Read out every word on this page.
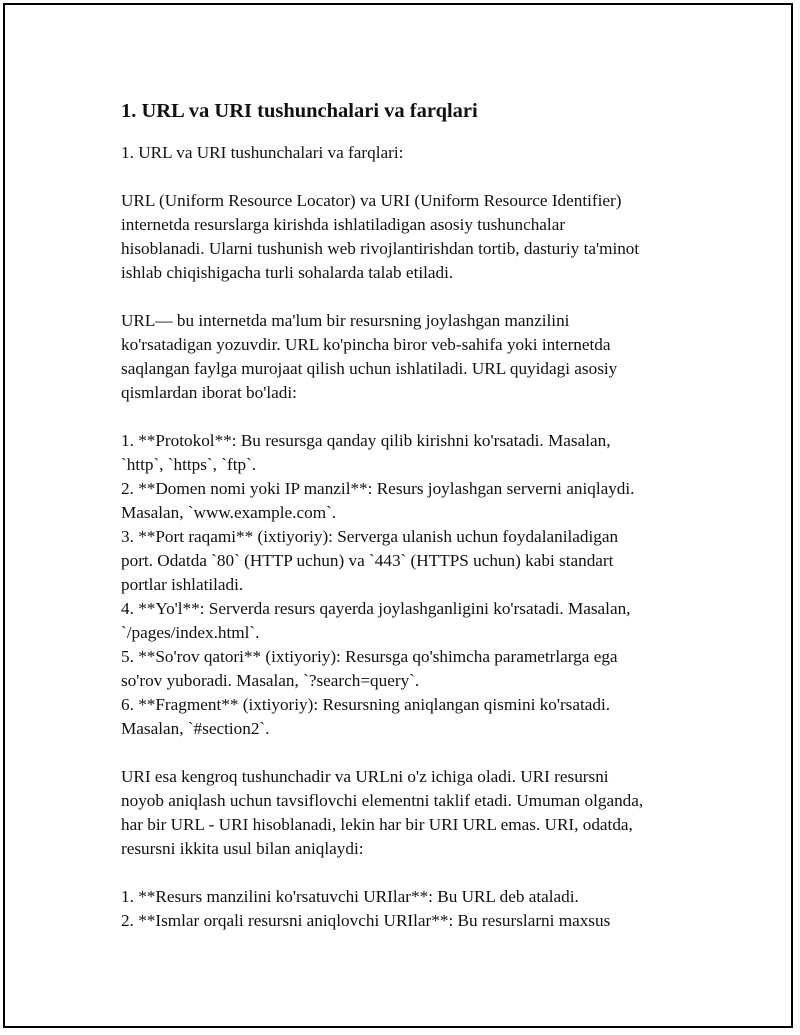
1. URL va URI tushunchalari va farqlari
1. URL va URI tushunchalari va farqlari:
URL (Uniform Resource Locator) va URI (Uniform Resource Identifier)
internetda resurslarga kirishda ishlatiladigan asosiy tushunchalar
hisoblanadi. Ularni tushunish web rivojlantirishdan tortib, dasturiy ta'minot
ishlab chiqishigacha turli sohalarda talab etiladi.
URL— bu internetda ma'lum bir resursning joylashgan manzilini
ko'rsatadigan yozuvdir. URL ko'pincha biror veb-sahifa yoki internetda
saqlangan faylga murojaat qilish uchun ishlatiladi. URL quyidagi asosiy
qismlardan iborat bo'ladi:
1. **Protokol**: Bu resursga qanday qilib kirishni ko'rsatadi. Masalan,
`http`, `https`, `ftp`.
2. **Domen nomi yoki IP manzil**: Resurs joylashgan serverni aniqlaydi.
Masalan, `www.example.com`.
3. **Port raqami** (ixtiyoriy): Serverga ulanish uchun foydalaniladigan
port. Odatda `80` (HTTP uchun) va `443` (HTTPS uchun) kabi standart
portlar ishlatiladi.
4. **Yo'l**: Serverda resurs qayerda joylashganligini ko'rsatadi. Masalan,
`/pages/index.html`.
5. **So'rov qatori** (ixtiyoriy): Resursga qo'shimcha parametrlarga ega
so'rov yuboradi. Masalan, `?search=query`.
6. **Fragment** (ixtiyoriy): Resursning aniqlangan qismini ko'rsatadi.
Masalan, `#section2`.
URI esa kengroq tushunchadir va URLni o'z ichiga oladi. URI resursni
noyob aniqlash uchun tavsiflovchi elementni taklif etadi. Umuman olganda,
har bir URL - URI hisoblanadi, lekin har bir URI URL emas. URI, odatda,
resursni ikkita usul bilan aniqlaydi:
1. **Resurs manzilini ko'rsatuvchi URIlar**: Bu URL deb ataladi.
2. **Ismlar orqali resursni aniqlovchi URIlar**: Bu resurslarni maxsus
